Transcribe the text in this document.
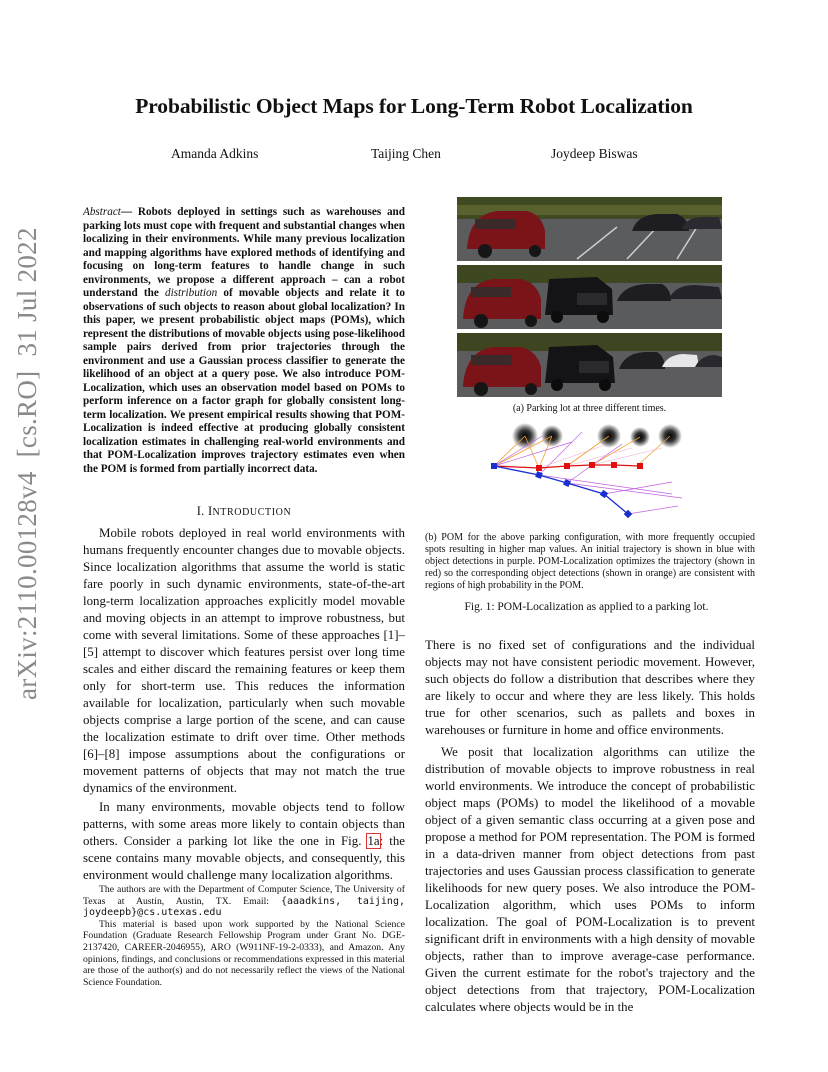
Probabilistic Object Maps for Long-Term Robot Localization
Amanda Adkins	Taijing Chen	Joydeep Biswas
arXiv:2110.00128v4[cs.RO]31 Jul 2022
Abstract— Robots deployed in settings such as warehouses and parking lots must cope with frequent and substantial changes when localizing in their environments. While many previous localization and mapping algorithms have explored methods of identifying and focusing on long-term features to handle change in such environments, we propose a different approach – can a robot understand the distribution of movable objects and relate it to observations of such objects to reason about global localization? In this paper, we present probabilistic object maps (POMs), which represent the distributions of movable objects using pose-likelihood sample pairs derived from prior trajectories through the environment and use a Gaussian process classifier to generate the likelihood of an object at a query pose. We also introduce POM-Localization, which uses an observation model based on POMs to perform inference on a factor graph for globally consistent long-term localization. We present empirical results showing that POM-Localization is indeed effective at producing globally consistent localization estimates in challenging real-world environments and that POM-Localization improves trajectory estimates even when the POM is formed from partially incorrect data.
I. INTRODUCTION

Mobile robots deployed in real world environments with humans frequently encounter changes due to movable objects. Since localization algorithms that assume the world is static fare poorly in such dynamic environments, state-of-the-art long-term localization approaches explicitly model movable and moving objects in an attempt to improve robustness, but come with several limitations. Some of these approaches [1]–[5] attempt to discover which features persist over long time scales and either discard the remaining features or keep them only for short-term use. This reduces the information available for localization, particularly when such movable objects comprise a large portion of the scene, and can cause the localization estimate to drift over time. Other methods [6]–[8] impose assumptions about the configurations or movement patterns of objects that may not match the true dynamics of the environment.

In many environments, movable objects tend to follow patterns, with some areas more likely to contain objects than others. Consider a parking lot like the one in Fig. 1a: the scene contains many movable objects, and consequently, this environment would challenge many localization algorithms.

The authors are with the Department of Computer Science, The University of Texas at Austin, Austin, TX. Email: {aaadkins, taijing, joydeepb}@cs.utexas.edu

This material is based upon work supported by the National Science Foundation (Graduate Research Fellowship Program under Grant No. DGE-2137420, CAREER-2046955), ARO (W911NF-19-2-0333), and Amazon. Any opinions, findings, and conclusions or recommendations expressed in this material are those of the author(s) and do not necessarily reflect the views of the National Science Foundation.

(a) Parking lot at three different times.
(b) POM for the above parking configuration, with more frequently occupied spots resulting in higher map values. An initial trajectory is shown in blue with object detections in purple. POM-Localization optimizes the trajectory (shown in red) so the corresponding object detections (shown in orange) are consistent with regions of high probability in the POM.
Fig. 1: POM-Localization as applied to a parking lot.

There is no fixed set of configurations and the individual objects may not have consistent periodic movement. However, such objects do follow a distribution that describes where they are likely to occur and where they are less likely. This holds true for other scenarios, such as pallets and boxes in warehouses or furniture in home and office environments.

We posit that localization algorithms can utilize the distribution of movable objects to improve robustness in real world environments. We introduce the concept of probabilistic object maps (POMs) to model the likelihood of a movable object of a given semantic class occurring at a given pose and propose a method for POM representation. The POM is formed in a data-driven manner from object detections from past trajectories and uses Gaussian process classification to generate likelihoods for new query poses. We also introduce the POM-Localization algorithm, which uses POMs to inform localization. The goal of POM-Localization is to prevent significant drift in environments with a high density of movable objects, rather than to improve average-case performance. Given the current estimate for the robot's trajectory and the object detections from that trajectory, POM-Localization calculates where objects would be in the
